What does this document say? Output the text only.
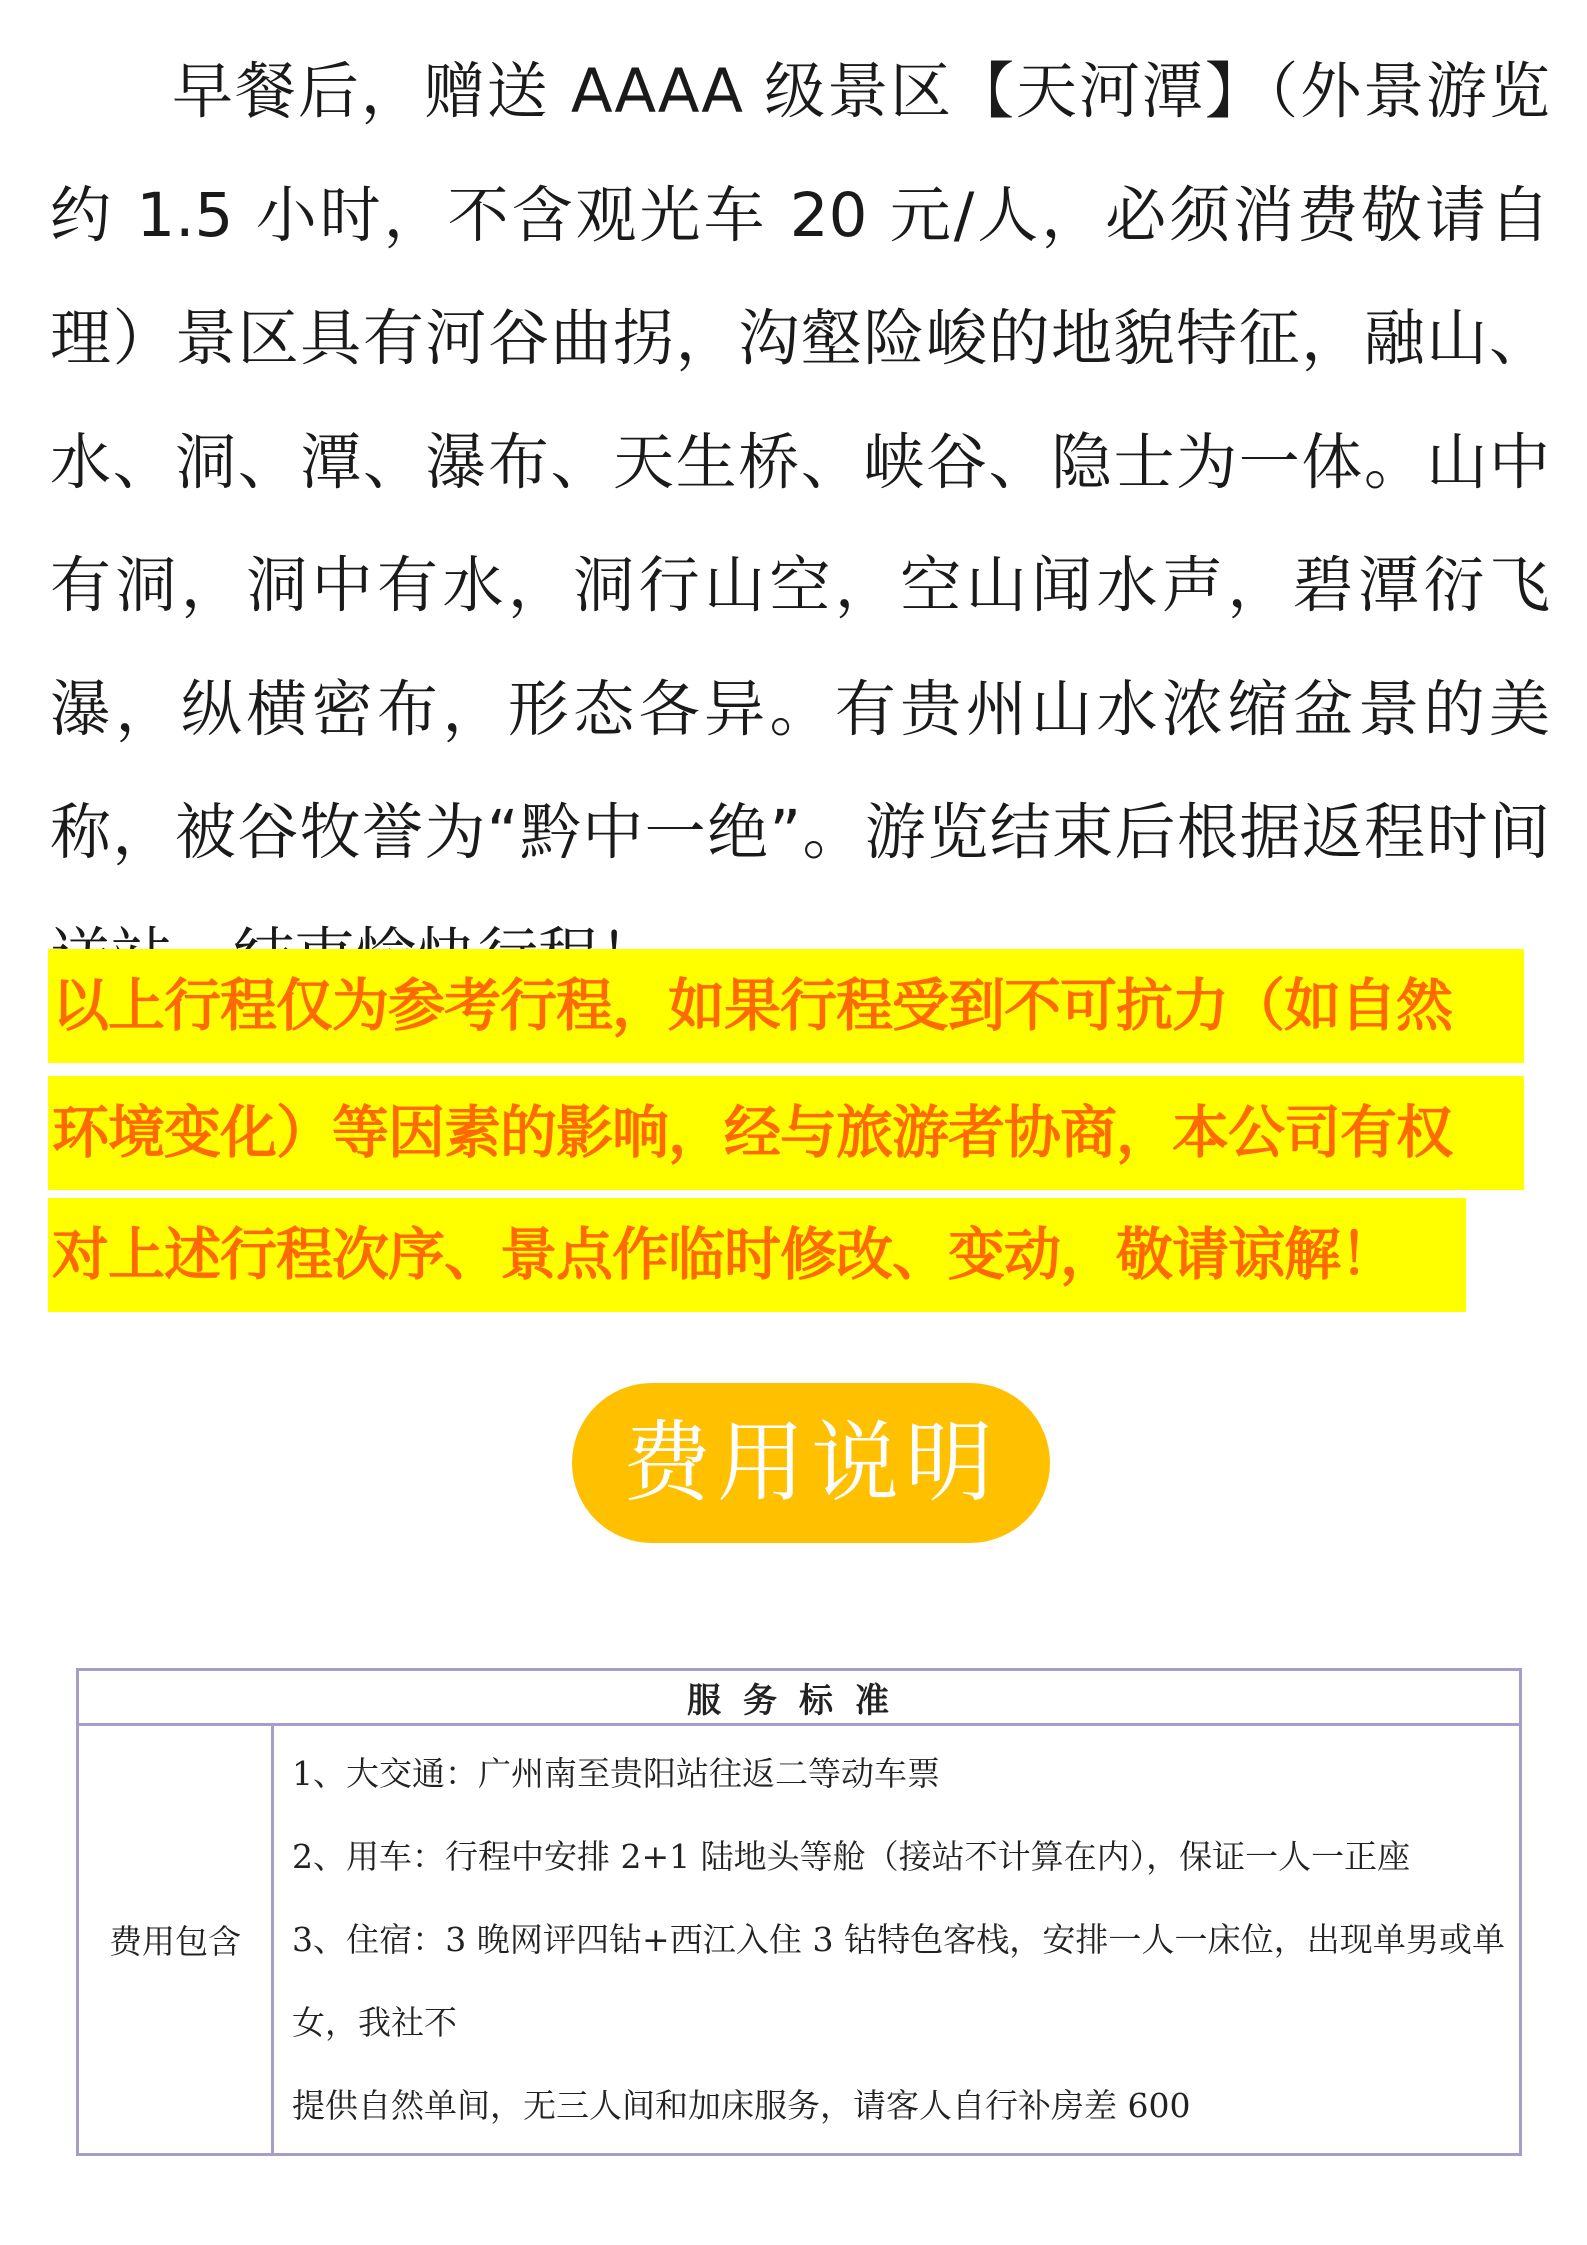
早餐后，赠送 AAAA 级景区【天河潭】（外景游览约 1.5 小时，不含观光车 20 元/人，必须消费敬请自理）景区具有河谷曲拐，沟壑险峻的地貌特征，融山、水、洞、潭、瀑布、天生桥、峡谷、隐士为一体。山中有洞，洞中有水，洞行山空，空山闻水声，碧潭衍飞瀑，纵横密布，形态各异。有贵州山水浓缩盆景的美称，被谷牧誉为“黔中一绝”。游览结束后根据返程时间

以上行程仅为参考行程，如果行程受到不可抗力（如自然
环境变化）等因素的影响，经与旅游者协商，本公司有权
对上述行程次序、景点作临时修改、变动，敬请谅解！
费用说明
服务标准
费用包含	

1、大交通：广州南至贵阳站往返二等动车票

2、用车：行程中安排 2+1 陆地头等舱（接站不计算在内），保证一人一正座

3、住宿：3 晚网评四钻+西江入住 3 钻特色客栈，安排一人一床位，出现单男或单女，我社不

提供自然单间，无三人间和加床服务，请客人自行补房差 600
